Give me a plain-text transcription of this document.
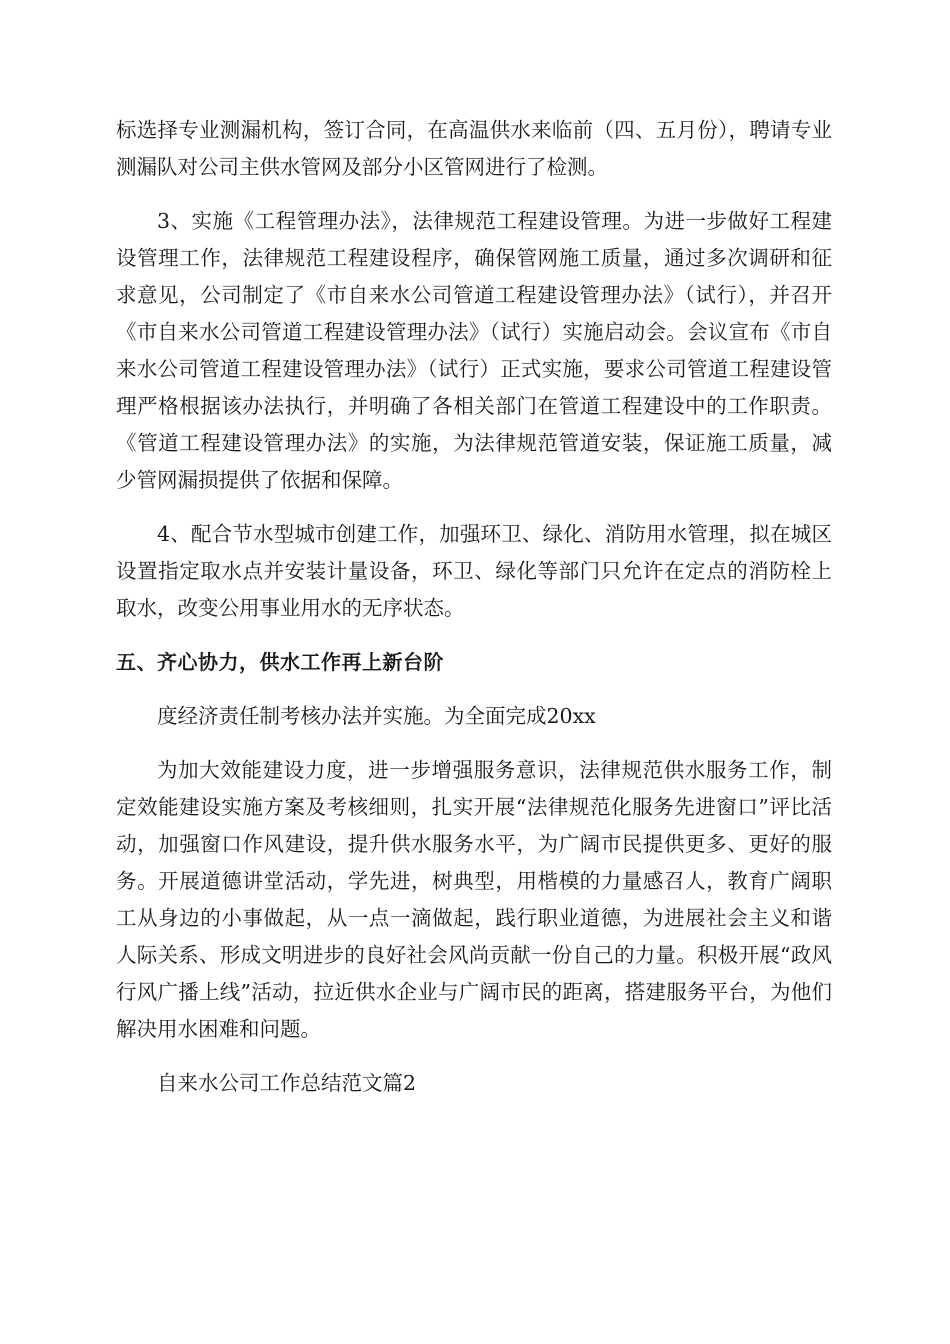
标选择专业测漏机构，签订合同，在高温供水来临前（四、五月份），聘请专业测漏队对公司主供水管网及部分小区管网进行了检测。

3、实施《工程管理办法》，法律规范工程建设管理。为进一步做好工程建设管理工作，法律规范工程建设程序，确保管网施工质量，通过多次调研和征求意见，公司制定了《市自来水公司管道工程建设管理办法》（试行），并召开《市自来水公司管道工程建设管理办法》（试行）实施启动会。会议宣布《市自来水公司管道工程建设管理办法》（试行）正式实施，要求公司管道工程建设管理严格根据该办法执行，并明确了各相关部门在管道工程建设中的工作职责。《管道工程建设管理办法》的实施，为法律规范管道安装，保证施工质量，减少管网漏损提供了依据和保障。

4、配合节水型城市创建工作，加强环卫、绿化、消防用水管理，拟在城区设置指定取水点并安装计量设备，环卫、绿化等部门只允许在定点的消防栓上取水，改变公用事业用水的无序状态。

五、齐心协力，供水工作再上新台阶

度经济责任制考核办法并实施。为全面完成20xx

为加大效能建设力度，进一步增强服务意识，法律规范供水服务工作，制定效能建设实施方案及考核细则，扎实开展“法律规范化服务先进窗口”评比活动，加强窗口作风建设，提升供水服务水平，为广阔市民提供更多、更好的服务。开展道德讲堂活动，学先进，树典型，用楷模的力量感召人，教育广阔职工从身边的小事做起，从一点一滴做起，践行职业道德，为进展社会主义和谐人际关系、形成文明进步的良好社会风尚贡献一份自己的力量。积极开展“政风行风广播上线”活动，拉近供水企业与广阔市民的距离，搭建服务平台，为他们解决用水困难和问题。

自来水公司工作总结范文篇2
